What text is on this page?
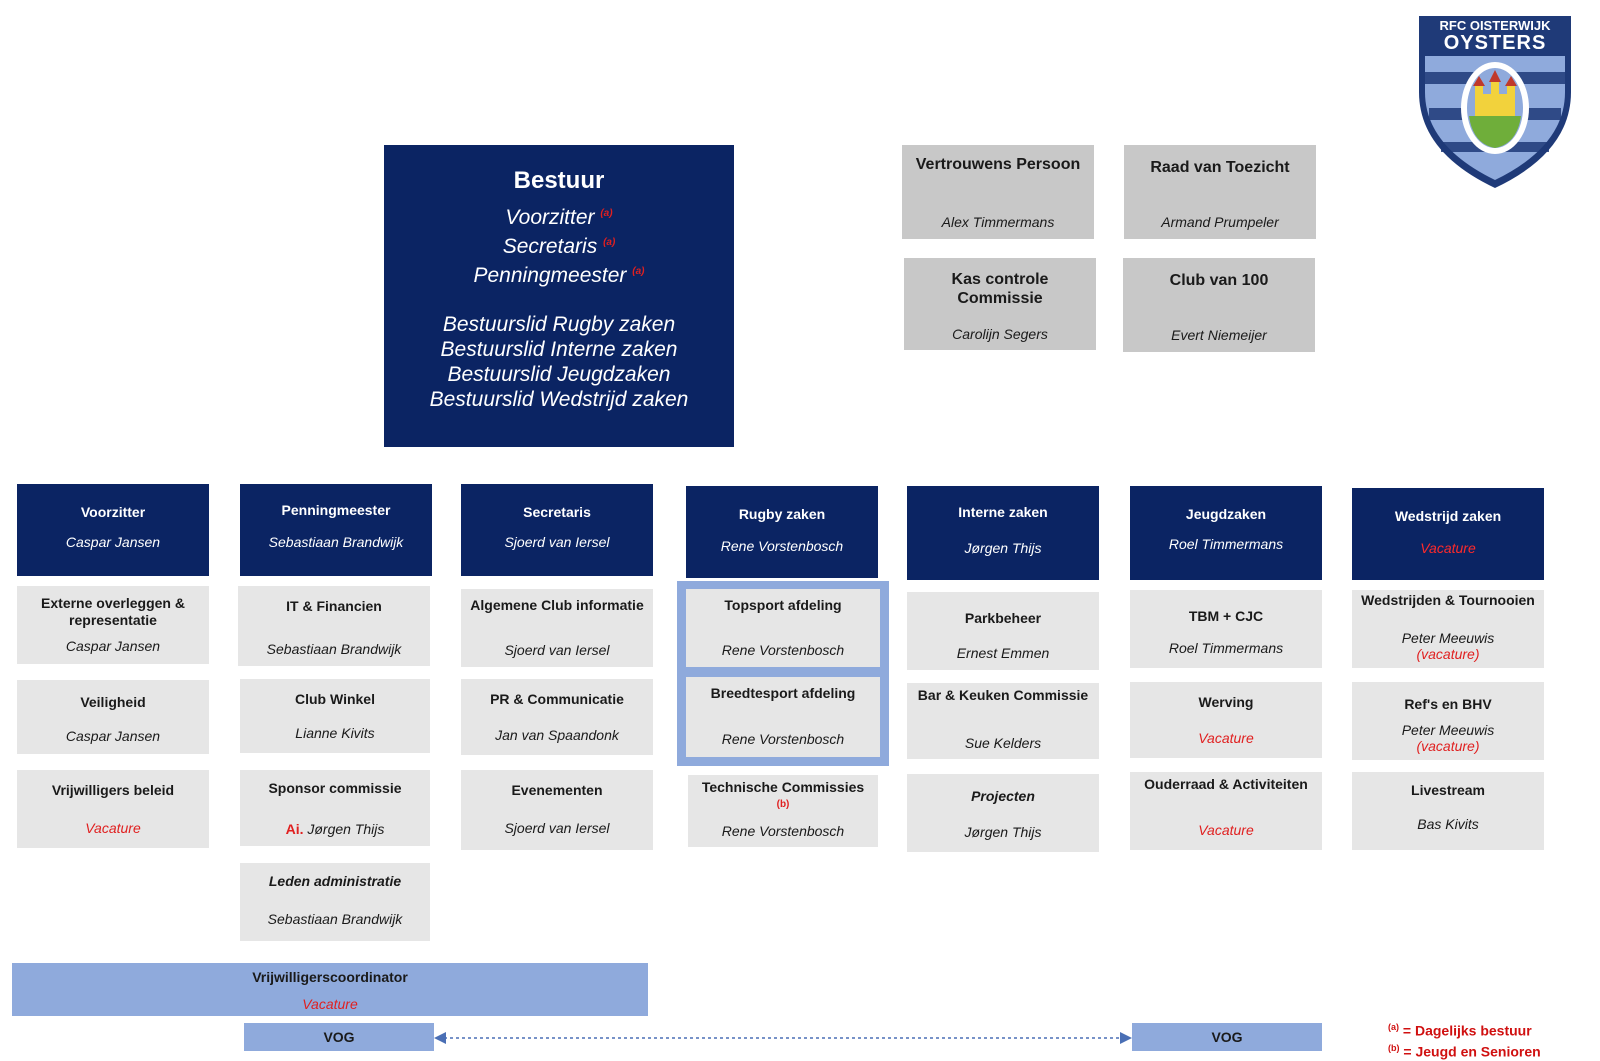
RFC OISTERWIJK
OYSTERS
Bestuur
Voorzitter $^{(a)}$
Secretaris $^{(a)}$
Penningmeester $^{(a)}$
Bestuurslid Rugby zaken
Bestuurslid Interne zaken
Bestuurslid Jeugdzaken
Bestuurslid Wedstrijd zaken
Vertrouwens Persoon
Alex Timmermans
Raad van Toezicht
Armand Prumpeler
Kas controle Commissie
Carolijn Segers
Club van 100
Evert Niemeijer
Voorzitter
Caspar Jansen
Penningmeester
Sebastiaan Brandwijk
Secretaris
Sjoerd van Iersel
Rugby zaken
Rene Vorstenbosch
Interne zaken
Jørgen Thijs
Jeugdzaken
Roel Timmermans
Wedstrijd zaken
Vacature
Externe overleggen & representatie
Caspar Jansen
Veiligheid
Caspar Jansen
Vrijwilligers beleid
Vacature
IT & Financien
Sebastiaan Brandwijk
Club Winkel
Lianne Kivits
Sponsor commissie
Ai. Jørgen Thijs
Leden administratie
Sebastiaan Brandwijk
Algemene Club informatie
Sjoerd van Iersel
PR & Communicatie
Jan van Spaandonk
Evenementen
Sjoerd van Iersel
Topsport afdeling
Rene Vorstenbosch
Breedtesport afdeling
Rene Vorstenbosch
Technische Commissies $^{(b)}$
Rene Vorstenbosch
Parkbeheer
Ernest Emmen
Bar & Keuken Commissie
Sue Kelders
Projecten
Jørgen Thijs
TBM + CJC
Roel Timmermans
Werving
Vacature
Ouderraad & Activiteiten
Vacature
Wedstrijden & Tournooien
Peter Meeuwis
(vacature)
Ref's en BHV
Peter Meeuwis
(vacature)
Livestream
Bas Kivits
Vrijwilligerscoordinator
Vacature
VOG	VOG
$^{(a)}$ = Dagelijks bestuur
$^{(b)}$ = Jeugd en Senioren
